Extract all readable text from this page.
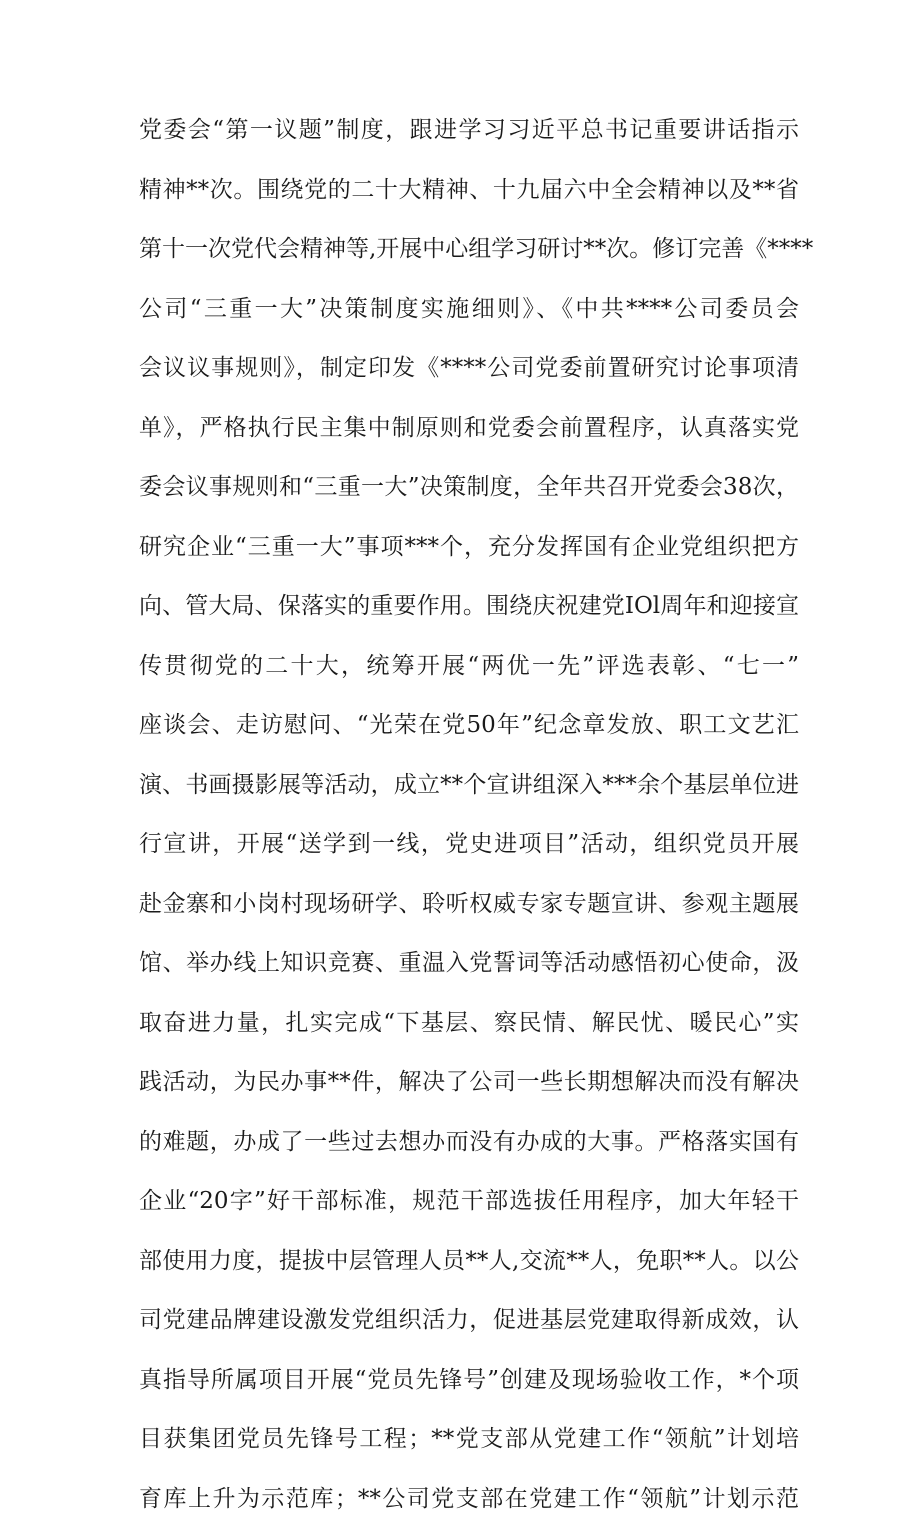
党委会“第一议题”制度，跟进学习习近平总书记重要讲话指示
精神**次。围绕党的二十大精神、十九届六中全会精神以及**省
第十一次党代会精神等,开展中心组学习研讨**次。修订完善《****
公司“三重一大”决策制度实施细则》、《中共****公司委员会
会议议事规则》，制定印发《****公司党委前置研究讨论事项清
单》，严格执行民主集中制原则和党委会前置程序，认真落实党
委会议事规则和“三重一大”决策制度，全年共召开党委会38次，
研究企业“三重一大”事项***个，充分发挥国有企业党组织把方
向、管大局、保落实的重要作用。围绕庆祝建党IOl周年和迎接宣
传贯彻党的二十大，统筹开展“两优一先”评选表彰、“七一”
座谈会、走访慰问、“光荣在党50年”纪念章发放、职工文艺汇
演、书画摄影展等活动，成立**个宣讲组深入***余个基层单位进
行宣讲，开展“送学到一线，党史进项目”活动，组织党员开展
赴金寨和小岗村现场研学、聆听权威专家专题宣讲、参观主题展
馆、举办线上知识竞赛、重温入党誓词等活动感悟初心使命，汲
取奋进力量，扎实完成“下基层、察民情、解民忧、暖民心”实
践活动，为民办事**件，解决了公司一些长期想解决而没有解决
的难题，办成了一些过去想办而没有办成的大事。严格落实国有
企业“20字”好干部标准，规范干部选拔任用程序，加大年轻干
部使用力度，提拔中层管理人员**人,交流**人，免职**人。以公
司党建品牌建设激发党组织活力，促进基层党建取得新成效，认
真指导所属项目开展“党员先锋号”创建及现场验收工作，*个项
目获集团党员先锋号工程；**党支部从党建工作“领航”计划培
育库上升为示范库；**公司党支部在党建工作“领航”计划示范
